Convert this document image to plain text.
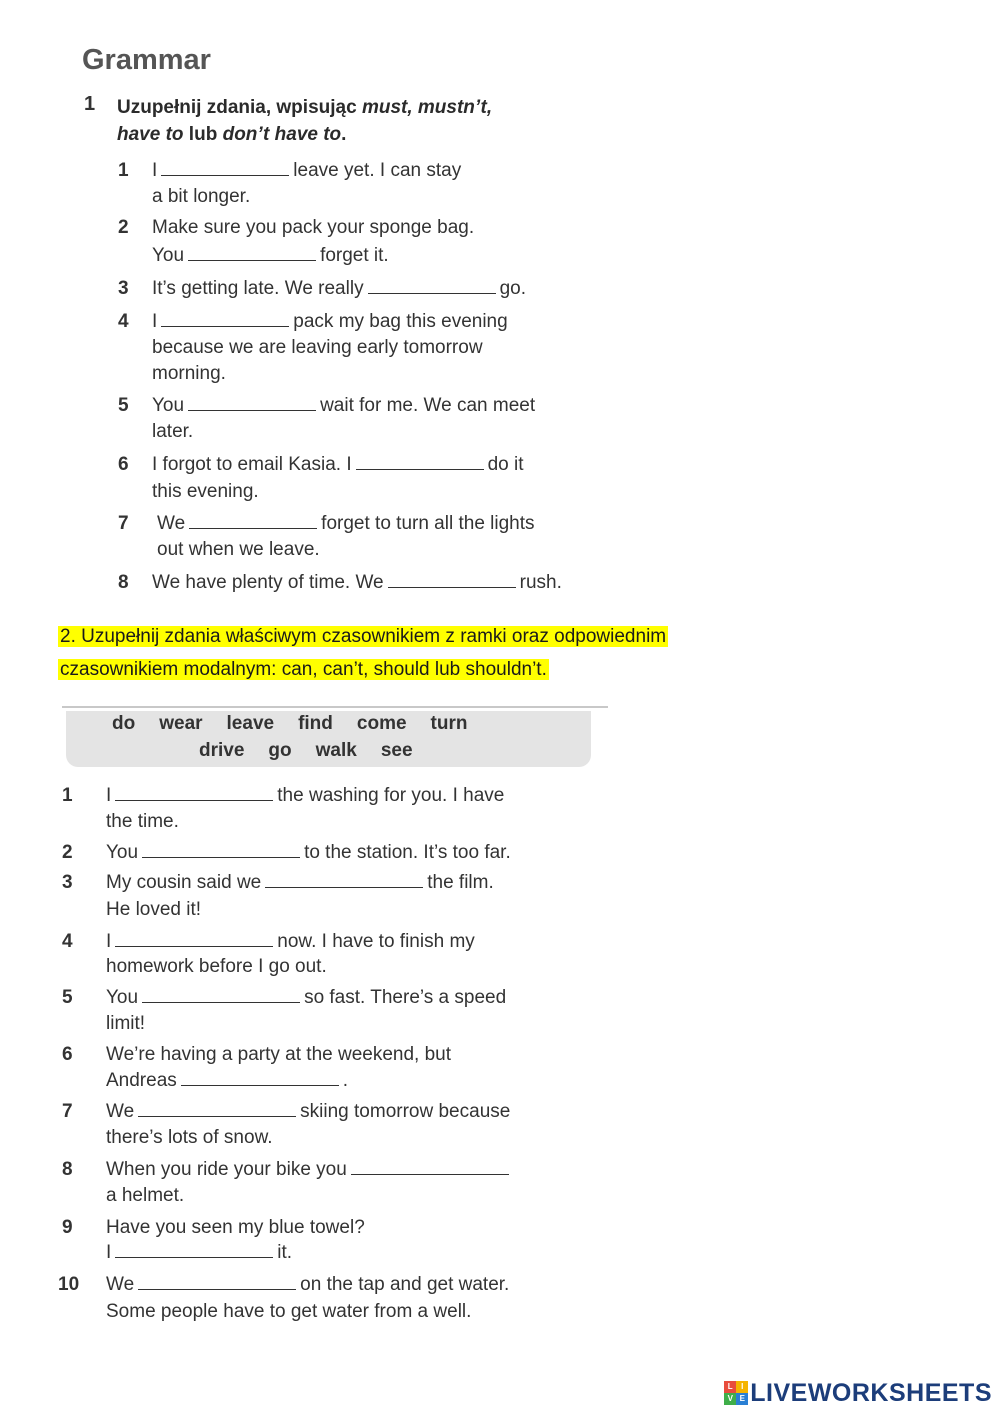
Grammar
1 Uzupełnij zdania, wpisując must, mustn’t,
have to lub don’t have to.
1	I	leave yet. I can stay
a bit longer.
2	Make sure you pack your sponge bag.
You	forget it.
3	It’s getting late. We really	go.
4	I	pack my bag this evening
because we are leaving early tomorrow
morning.
5	You	wait for me. We can meet
later.
6	I forgot to email Kasia. I	do it
this evening.
7	We	forget to turn all the lights
out when we leave.
8	We have plenty of time. We	rush.
2. Uzupełnij zdania właściwym czasownikiem z ramki oraz odpowiednim
czasownikiem modalnym: can, can’t, should lub shouldn’t.
do wear leave find come turn
drive go walk see
1	I	the washing for you. I have
the time.
2	You	to the station. It’s too far.
3	My cousin said we	the film.
He loved it!
4	I	now. I have to finish my
homework before I go out.
5	You	so fast. There’s a speed
limit!
6	We’re having a party at the weekend, but
Andreas	.
7	We	skiing tomorrow because
there’s lots of snow.
8	When you ride your bike you
a helmet.
9	Have you seen my blue towel?
I	it.
10	We	on the tap and get water.
Some people have to get water from a well.
L	I
V E LIVEWORKSHEETS
